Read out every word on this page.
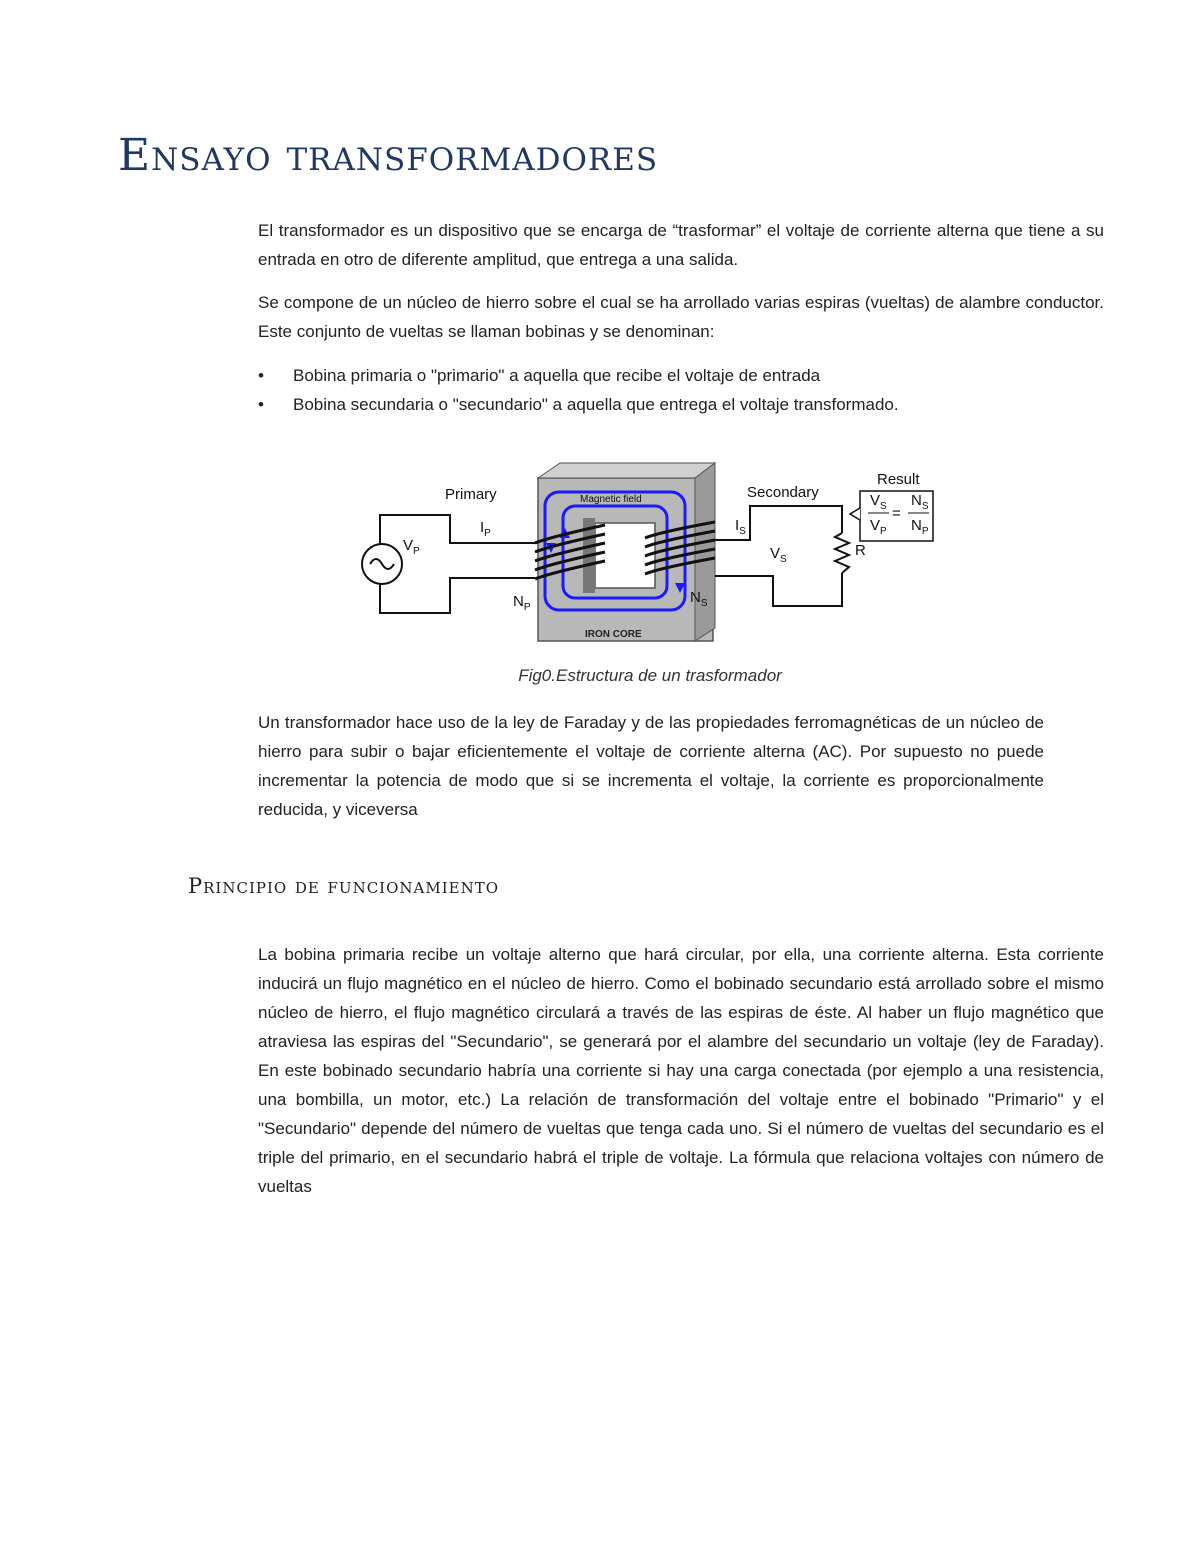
Ensayo transformadores

El transformador es un dispositivo que se encarga de “trasformar” el voltaje de corriente alterna que tiene a su entrada en otro de diferente amplitud, que entrega a una salida.

Se compone de un núcleo de hierro sobre el cual se ha arrollado varias espiras (vueltas) de alambre conductor. Este conjunto de vueltas se llaman bobinas y se denominan:

• Bobina primaria o "primario" a aquella que recibe el voltaje de entrada
• Bobina secundaria o "secundario" a aquella que entrega el voltaje transformado.
Primary	Secondary
Result
$V_P$
$I_P$
$N_P$
$I_S$
$V_S$
$N_S$
R
$V_S$
$V_P$
=
$N_S$
$N_P$
Magnetic field
IRON CORE
Fig0.Estructura de un trasformador

Un transformador hace uso de la ley de Faraday y de las propiedades ferromagnéticas de un núcleo de hierro para subir o bajar eficientemente el voltaje de corriente alterna (AC). Por supuesto no puede incrementar la potencia de modo que si se incrementa el voltaje, la corriente es proporcionalmente reducida, y viceversa

Principio de funcionamiento

La bobina primaria recibe un voltaje alterno que hará circular, por ella, una corriente alterna. Esta corriente inducirá un flujo magnético en el núcleo de hierro. Como el bobinado secundario está arrollado sobre el mismo núcleo de hierro, el flujo magnético circulará a través de las espiras de éste. Al haber un flujo magnético que atraviesa las espiras del "Secundario", se generará por el alambre del secundario un voltaje (ley de Faraday). En este bobinado secundario habría una corriente si hay una carga conectada (por ejemplo a una resistencia, una bombilla, un motor, etc.) La relación de transformación del voltaje entre el bobinado "Primario" y el "Secundario" depende del número de vueltas que tenga cada uno. Si el número de vueltas del secundario es el triple del primario, en el secundario habrá el triple de voltaje. La fórmula que relaciona voltajes con número de vueltas
